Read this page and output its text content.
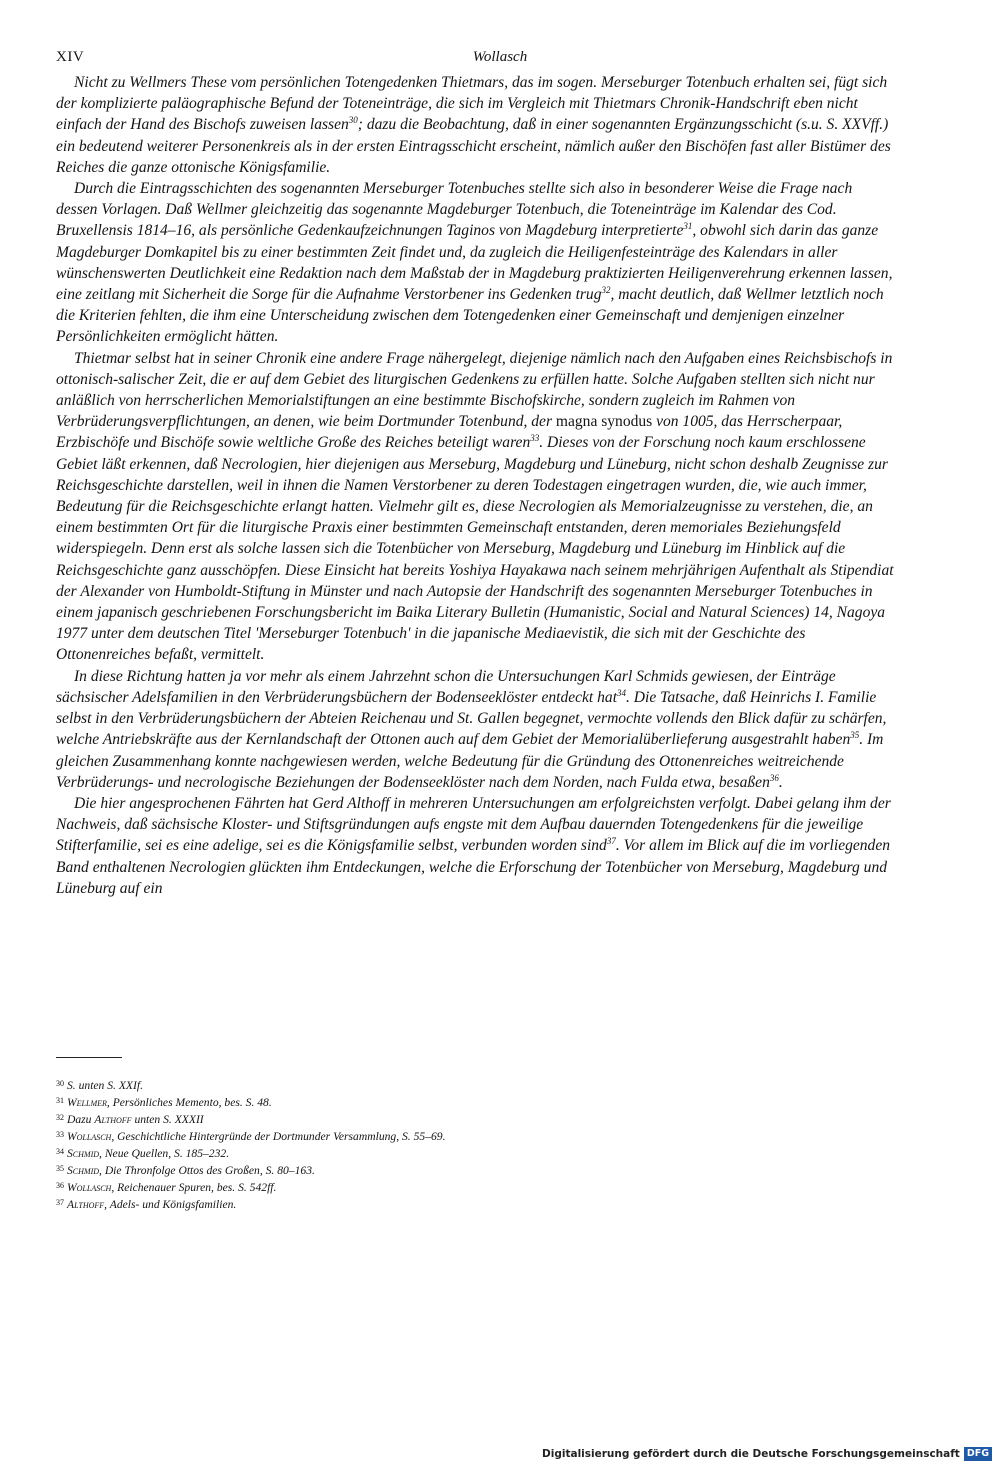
XIV	Wollasch

Nicht zu Wellmers These vom persönlichen Totengedenken Thietmars, das im sogen. Merseburger Totenbuch erhalten sei, fügt sich der komplizierte paläographische Befund der Toteneinträge, die sich im Vergleich mit Thietmars Chronik-Handschrift eben nicht einfach der Hand des Bischofs zuweisen lassen$^{30}$; dazu die Beobachtung, daß in einer sogenannten Ergänzungsschicht (s.u. S. XXVff.) ein bedeutend weiterer Personenkreis als in der ersten Eintragsschicht erscheint, nämlich außer den Bischöfen fast aller Bistümer des Reiches die ganze ottonische Königsfamilie.

Durch die Eintragsschichten des sogenannten Merseburger Totenbuches stellte sich also in besonderer Weise die Frage nach dessen Vorlagen. Daß Wellmer gleichzeitig das sogenannte Magdeburger Totenbuch, die Toteneinträge im Kalendar des Cod. Bruxellensis 1814–16, als persönliche Gedenkaufzeichnungen Taginos von Magdeburg interpretierte$^{31}$, obwohl sich darin das ganze Magdeburger Domkapitel bis zu einer bestimmten Zeit findet und, da zugleich die Heiligenfesteinträge des Kalendars in aller wünschenswerten Deutlichkeit eine Redaktion nach dem Maßstab der in Magdeburg praktizierten Heiligenverehrung erkennen lassen, eine zeitlang mit Sicherheit die Sorge für die Aufnahme Verstorbener ins Gedenken trug$^{32}$, macht deutlich, daß Wellmer letztlich noch die Kriterien fehlten, die ihm eine Unterscheidung zwischen dem Totengedenken einer Gemeinschaft und demjenigen einzelner Persönlichkeiten ermöglicht hätten.

Thietmar selbst hat in seiner Chronik eine andere Frage nähergelegt, diejenige nämlich nach den Aufgaben eines Reichsbischofs in ottonisch-salischer Zeit, die er auf dem Gebiet des liturgischen Gedenkens zu erfüllen hatte. Solche Aufgaben stellten sich nicht nur anläßlich von herrscherlichen Memorialstiftungen an eine bestimmte Bischofskirche, sondern zugleich im Rahmen von Verbrüderungsverpflichtungen, an denen, wie beim Dortmunder Totenbund, der magna synodus von 1005, das Herrscherpaar, Erzbischöfe und Bischöfe sowie weltliche Große des Reiches beteiligt waren$^{33}$. Dieses von der Forschung noch kaum erschlossene Gebiet läßt erkennen, daß Necrologien, hier diejenigen aus Merseburg, Magdeburg und Lüneburg, nicht schon deshalb Zeugnisse zur Reichsgeschichte darstellen, weil in ihnen die Namen Verstorbener zu deren Todestagen eingetragen wurden, die, wie auch immer, Bedeutung für die Reichsgeschichte erlangt hatten. Vielmehr gilt es, diese Necrologien als Memorialzeugnisse zu verstehen, die, an einem bestimmten Ort für die liturgische Praxis einer bestimmten Gemeinschaft entstanden, deren memoriales Beziehungsfeld widerspiegeln. Denn erst als solche lassen sich die Totenbücher von Merseburg, Magdeburg und Lüneburg im Hinblick auf die Reichsgeschichte ganz ausschöpfen. Diese Einsicht hat bereits Yoshiya Hayakawa nach seinem mehrjährigen Aufenthalt als Stipendiat der Alexander von Humboldt-Stiftung in Münster und nach Autopsie der Handschrift des sogenannten Merseburger Totenbuches in einem japanisch geschriebenen Forschungsbericht im Baika Literary Bulletin (Humanistic, Social and Natural Sciences) 14, Nagoya 1977 unter dem deutschen Titel 'Merseburger Totenbuch' in die japanische Mediaevistik, die sich mit der Geschichte des Ottonenreiches befaßt, vermittelt.

In diese Richtung hatten ja vor mehr als einem Jahrzehnt schon die Untersuchungen Karl Schmids gewiesen, der Einträge sächsischer Adelsfamilien in den Verbrüderungsbüchern der Bodenseeklöster entdeckt hat$^{34}$. Die Tatsache, daß Heinrichs I. Familie selbst in den Verbrüderungsbüchern der Abteien Reichenau und St. Gallen begegnet, vermochte vollends den Blick dafür zu schärfen, welche Antriebskräfte aus der Kernlandschaft der Ottonen auch auf dem Gebiet der Memorialüberlieferung ausgestrahlt haben$^{35}$. Im gleichen Zusammenhang konnte nachgewiesen werden, welche Bedeutung für die Gründung des Ottonenreiches weitreichende Verbrüderungs- und necrologische Beziehungen der Bodenseeklöster nach dem Norden, nach Fulda etwa, besaßen$^{36}$.

Die hier angesprochenen Fährten hat Gerd Althoff in mehreren Untersuchungen am erfolgreichsten verfolgt. Dabei gelang ihm der Nachweis, daß sächsische Kloster- und Stiftsgründungen aufs engste mit dem Aufbau dauernden Totengedenkens für die jeweilige Stifterfamilie, sei es eine adelige, sei es die Königsfamilie selbst, verbunden worden sind$^{37}$. Vor allem im Blick auf die im vorliegenden Band enthaltenen Necrologien glückten ihm Entdeckungen, welche die Erforschung der Totenbücher von Merseburg, Magdeburg und Lüneburg auf ein

$^{30}$ S. unten S. XXIf.

$^{31}$ Wellmer, Persönliches Memento, bes. S. 48.

$^{32}$ Dazu Althoff unten S. XXXII

$^{33}$ Wollasch, Geschichtliche Hintergründe der Dortmunder Versammlung, S. 55–69.

$^{34}$ Schmid, Neue Quellen, S. 185–232.

$^{35}$ Schmid, Die Thronfolge Ottos des Großen, S. 80–163.

$^{36}$ Wollasch, Reichenauer Spuren, bes. S. 542ff.

$^{37}$ Althoff, Adels- und Königsfamilien.

Digitalisierung gefördert durch die Deutsche Forschungsgemeinschaft DFG
